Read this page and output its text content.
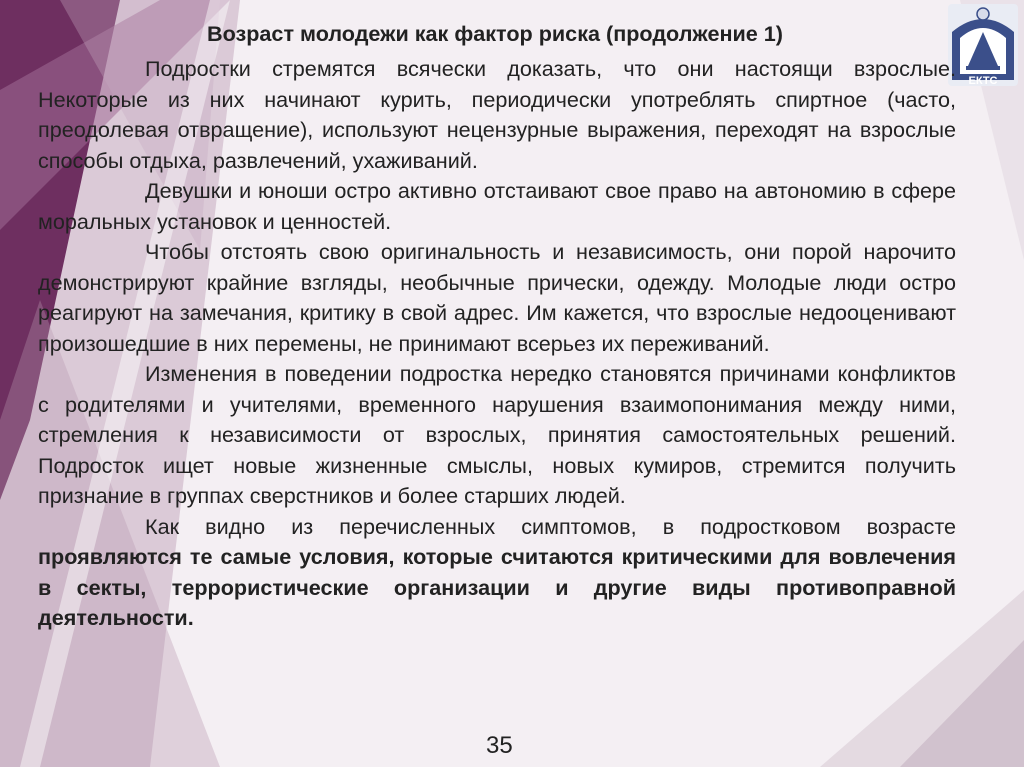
ЕКТС
Возраст молодежи как фактор риска (продолжение 1)

Подростки стремятся всячески доказать, что они настоящи взрослые. Некоторые из них начинают курить, периодически употреблять спиртное (часто, преодолевая отвращение), используют нецензурные выражения, переходят на взрослые способы отдыха, развлечений, ухаживаний.

Девушки и юноши остро активно отстаивают свое право на автономию в сфере моральных установок и ценностей.

Чтобы отстоять свою оригинальность и независимость, они порой нарочито демонстрируют крайние взгляды, необычные прически, одежду. Молодые люди остро реагируют на замечания, критику в свой адрес. Им кажется, что взрослые недооценивают произошедшие в них перемены, не принимают всерьез их переживаний.

Изменения в поведении подростка нередко становятся причинами конфликтов с родителями и учителями, временного нарушения взаимопонимания между ними, стремления к независимости от взрослых, принятия самостоятельных решений. Подросток ищет новые жизненные смыслы, новых кумиров, стремится получить признание в группах сверстников и более старших людей.

Как видно из перечисленных симптомов, в подростковом возрасте проявляются те самые условия, которые считаются критическими для вовлечения в секты, террористические организации и другие виды противоправной деятельности.

35
